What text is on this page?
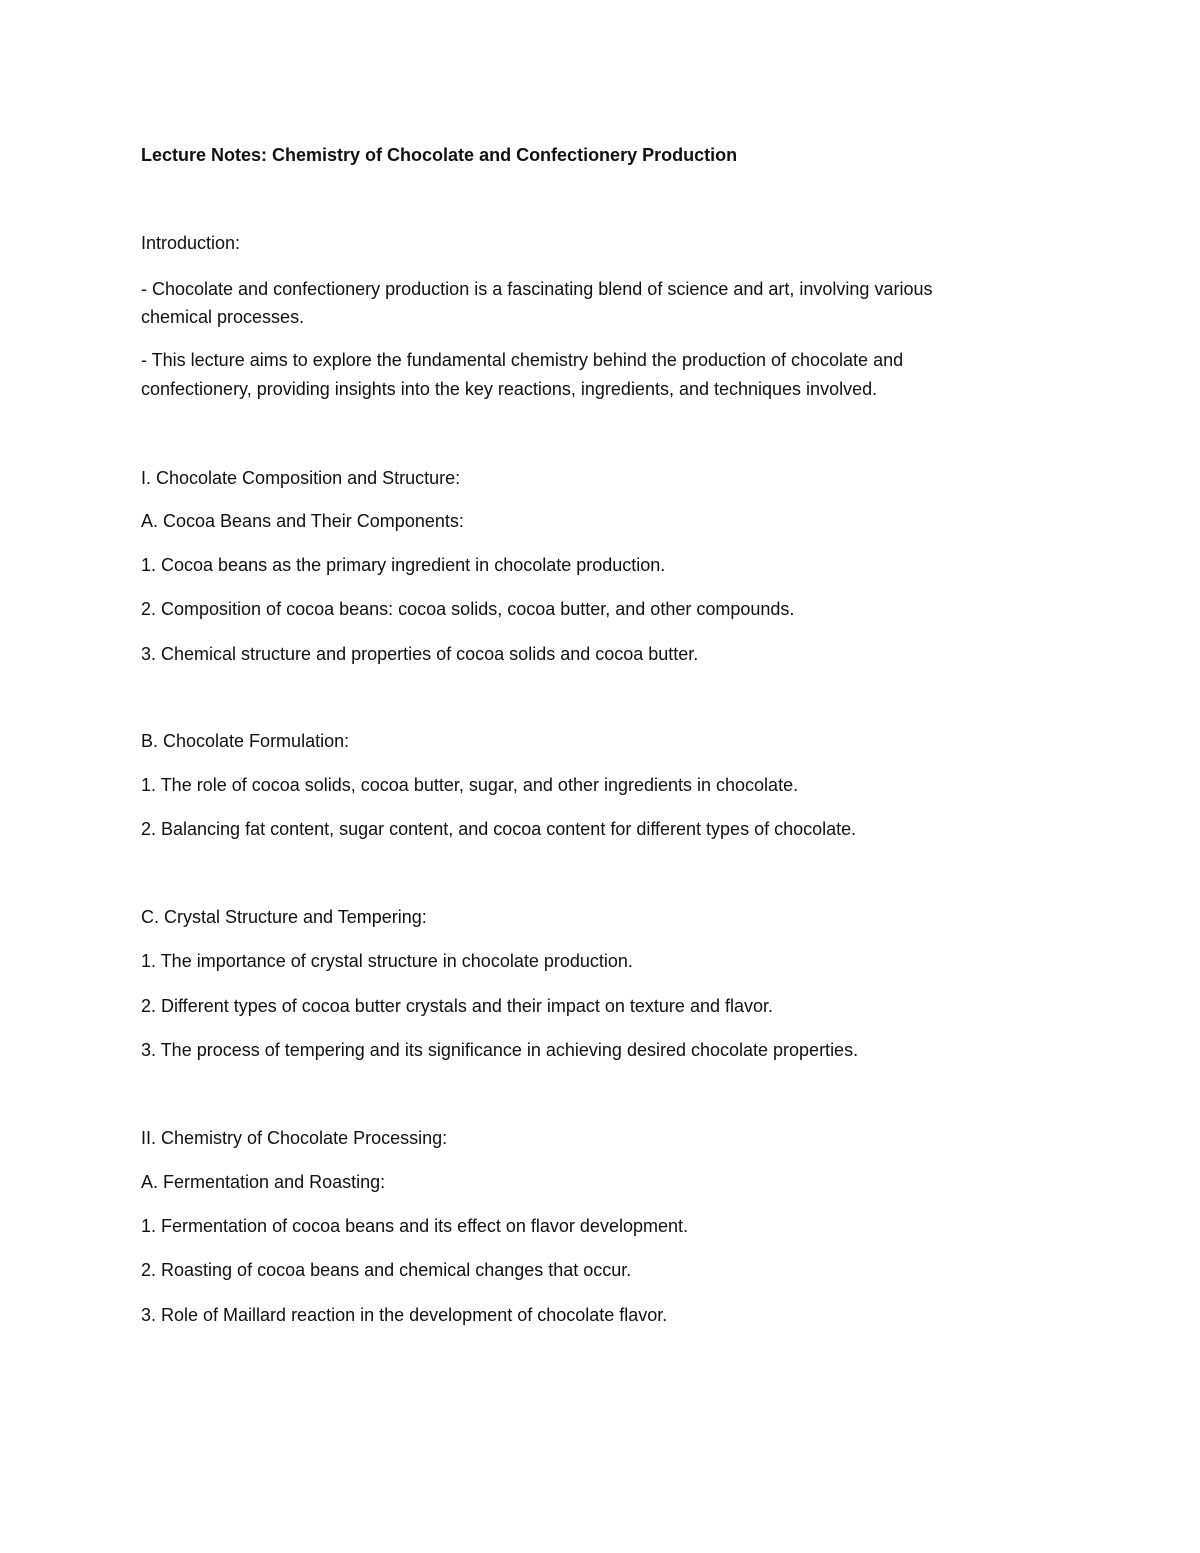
Lecture Notes: Chemistry of Chocolate and Confectionery Production
Introduction:
- Chocolate and confectionery production is a fascinating blend of science and art, involving various
chemical processes.
- This lecture aims to explore the fundamental chemistry behind the production of chocolate and
confectionery, providing insights into the key reactions, ingredients, and techniques involved.
I. Chocolate Composition and Structure:
A. Cocoa Beans and Their Components:
1. Cocoa beans as the primary ingredient in chocolate production.
2. Composition of cocoa beans: cocoa solids, cocoa butter, and other compounds.
3. Chemical structure and properties of cocoa solids and cocoa butter.
B. Chocolate Formulation:
1. The role of cocoa solids, cocoa butter, sugar, and other ingredients in chocolate.
2. Balancing fat content, sugar content, and cocoa content for different types of chocolate.
C. Crystal Structure and Tempering:
1. The importance of crystal structure in chocolate production.
2. Different types of cocoa butter crystals and their impact on texture and flavor.
3. The process of tempering and its significance in achieving desired chocolate properties.
II. Chemistry of Chocolate Processing:
A. Fermentation and Roasting:
1. Fermentation of cocoa beans and its effect on flavor development.
2. Roasting of cocoa beans and chemical changes that occur.
3. Role of Maillard reaction in the development of chocolate flavor.
